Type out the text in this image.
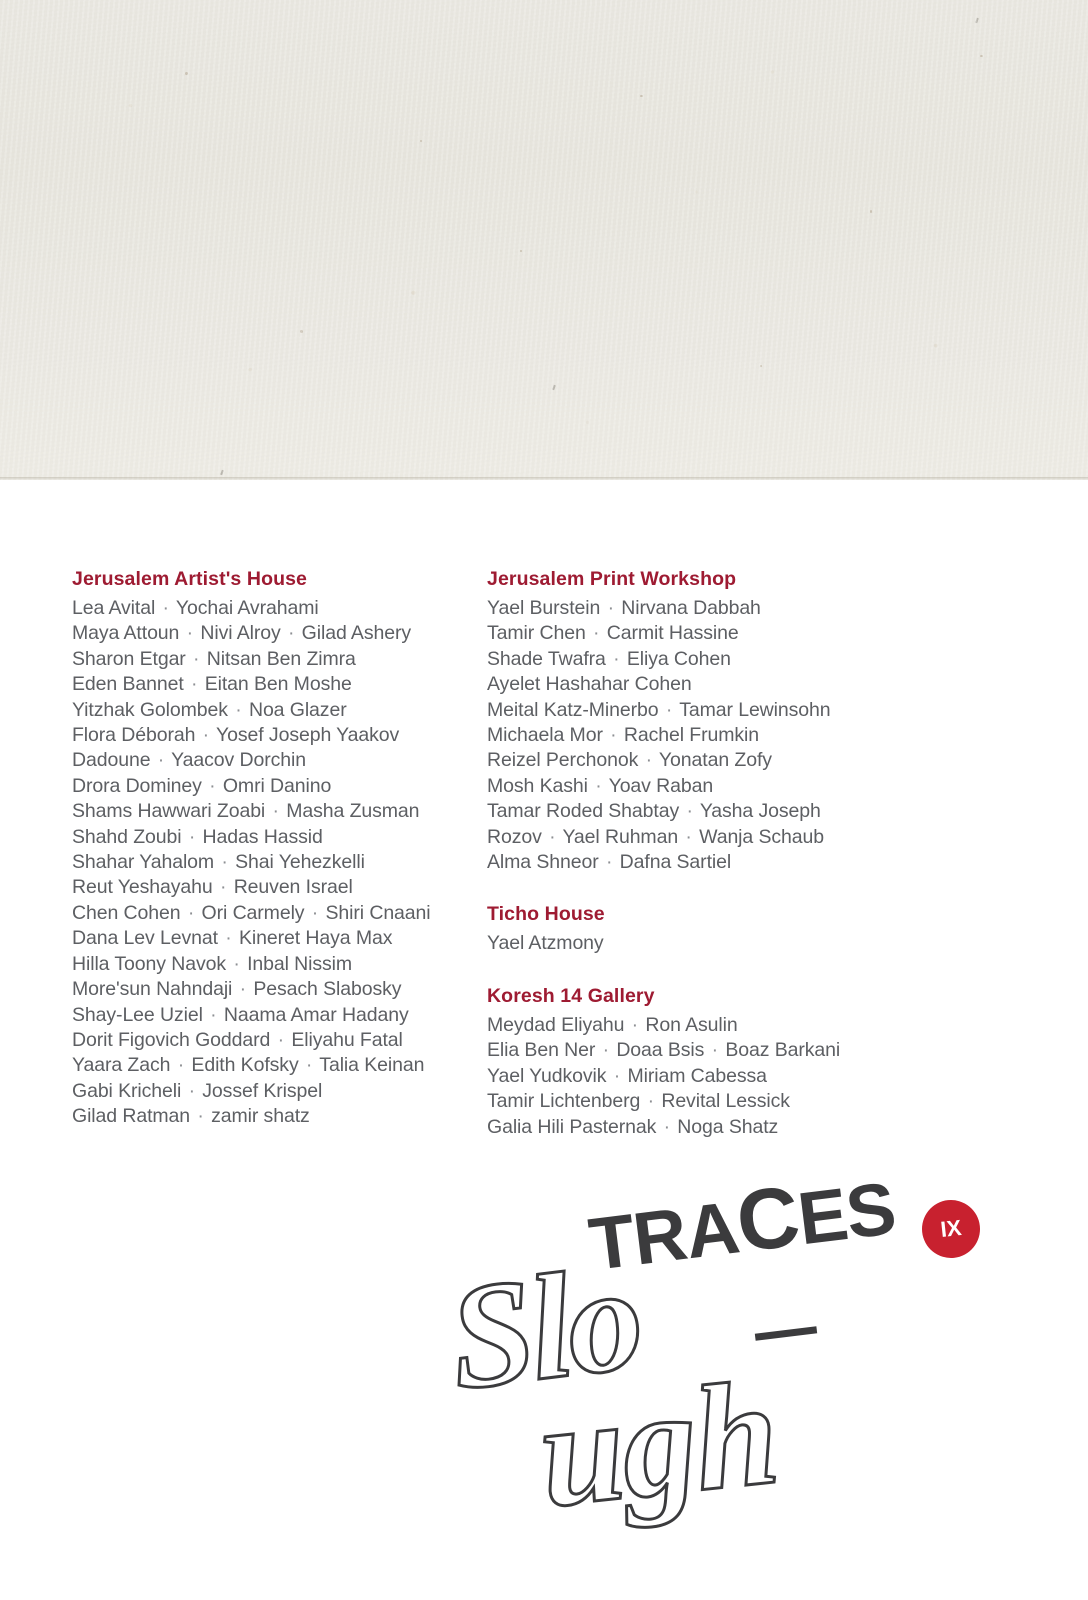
Jerusalem Artist's House
Lea Avital · Yochai Avrahami
Maya Attoun · Nivi Alroy · Gilad Ashery
Sharon Etgar · Nitsan Ben Zimra
Eden Bannet · Eitan Ben Moshe
Yitzhak Golombek · Noa Glazer
Flora Déborah · Yosef Joseph Yaakov
Dadoune · Yaacov Dorchin
Drora Dominey · Omri Danino
Shams Hawwari Zoabi · Masha Zusman
Shahd Zoubi · Hadas Hassid
Shahar Yahalom · Shai Yehezkelli
Reut Yeshayahu · Reuven Israel
Chen Cohen · Ori Carmely · Shiri Cnaani
Dana Lev Levnat · Kineret Haya Max
Hilla Toony Navok · Inbal Nissim
More'sun Nahndaji · Pesach Slabosky
Shay-Lee Uziel · Naama Amar Hadany
Dorit Figovich Goddard · Eliyahu Fatal
Yaara Zach · Edith Kofsky · Talia Keinan
Gabi Kricheli · Jossef Krispel
Gilad Ratman · zamir shatz
Jerusalem Print Workshop
Yael Burstein · Nirvana Dabbah
Tamir Chen · Carmit Hassine
Shade Twafra · Eliya Cohen
Ayelet Hashahar Cohen
Meital Katz-Minerbo · Tamar Lewinsohn
Michaela Mor · Rachel Frumkin
Reizel Perchonok · Yonatan Zofy
Mosh Kashi · Yoav Raban
Tamar Roded Shabtay · Yasha Joseph
Rozov · Yael Ruhman · Wanja Schaub
Alma Shneor · Dafna Sartiel
Ticho House
Yael Atzmony
Koresh 14 Gallery
Meydad Eliyahu · Ron Asulin
Elia Ben Ner · Doaa Bsis · Boaz Barkani
Yael Yudkovik · Miriam Cabessa
Tamir Lichtenberg · Revital Lessick
Galia Hili Pasternak · Noga Shatz
TRACES	IX
Slo
ugh
